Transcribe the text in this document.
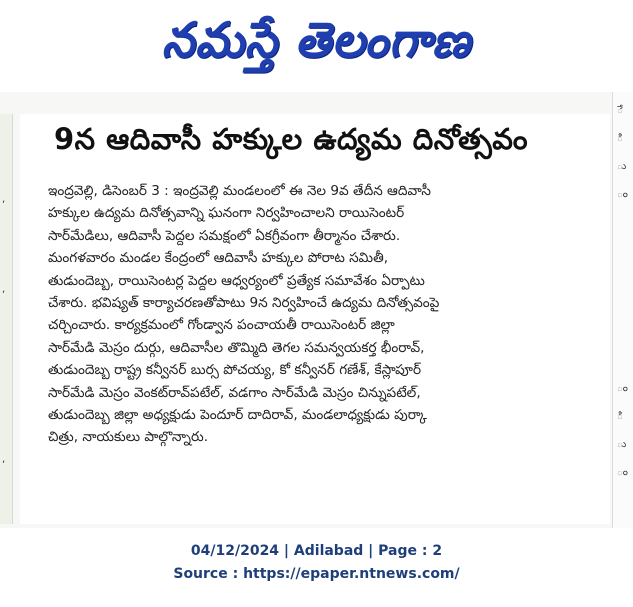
నమస్తే తెలంగాణ
,
,
,
9న ఆదివాసీ హక్కుల ఉద్యమ దినోత్సవం
ఇంద్రవెల్లి, డిసెంబర్ 3 : ఇంద్రవెల్లి మండలంలో ఈ నెల 9వ తేదీన ఆదివాసీ
హక్కుల ఉద్యమ దినోత్సవాన్ని ఘనంగా నిర్వహించాలని రాయిసెంటర్
సార్‌మేడిలు, ఆదివాసీ పెద్దల సమక్షంలో ఏకగ్రీవంగా తీర్మానం చేశారు.
మంగళవారం మండల కేంద్రంలో ఆదివాసీ హక్కుల పోరాట సమితీ,
తుడుందెబ్బ, రాయిసెంటర్ల పెద్దల ఆధ్వర్యంలో ప్రత్యేక సమావేశం ఏర్పాటు
చేశారు. భవిష్యత్ కార్యాచరణతోపాటు 9న నిర్వహించే ఉద్యమ దినోత్సవంపై
చర్చించారు. కార్యక్రమంలో గోండ్వాన పంచాయతీ రాయిసెంటర్ జిల్లా
సార్‌మేడి మెస్రం దుర్గు, ఆదివాసీల తొమ్మిది తెగల సమన్వయకర్త భీంరావ్,
తుడుందెబ్బ రాష్ట్ర కన్వీనర్ బుర్స పోచయ్య, కో కన్వీనర్ గణేశ్, కేస్లాపూర్
సార్‌మేడి మెస్రం వెంకట్‌రావ్‌పటేల్, వడగాం సార్‌మేడి మెస్రం చిన్నుపటేల్,
తుడుందెబ్బ జిల్లా అధ్యక్షుడు పెందూర్ దాదిరావ్, మండలాధ్యక్షుడు పుర్కా
చిత్రు, నాయకులు పాల్గొన్నారు.
ే
ి
ు
ం
ం
ి
ు
ం
04/12/2024 | Adilabad | Page : 2
Source : https://epaper.ntnews.com/
